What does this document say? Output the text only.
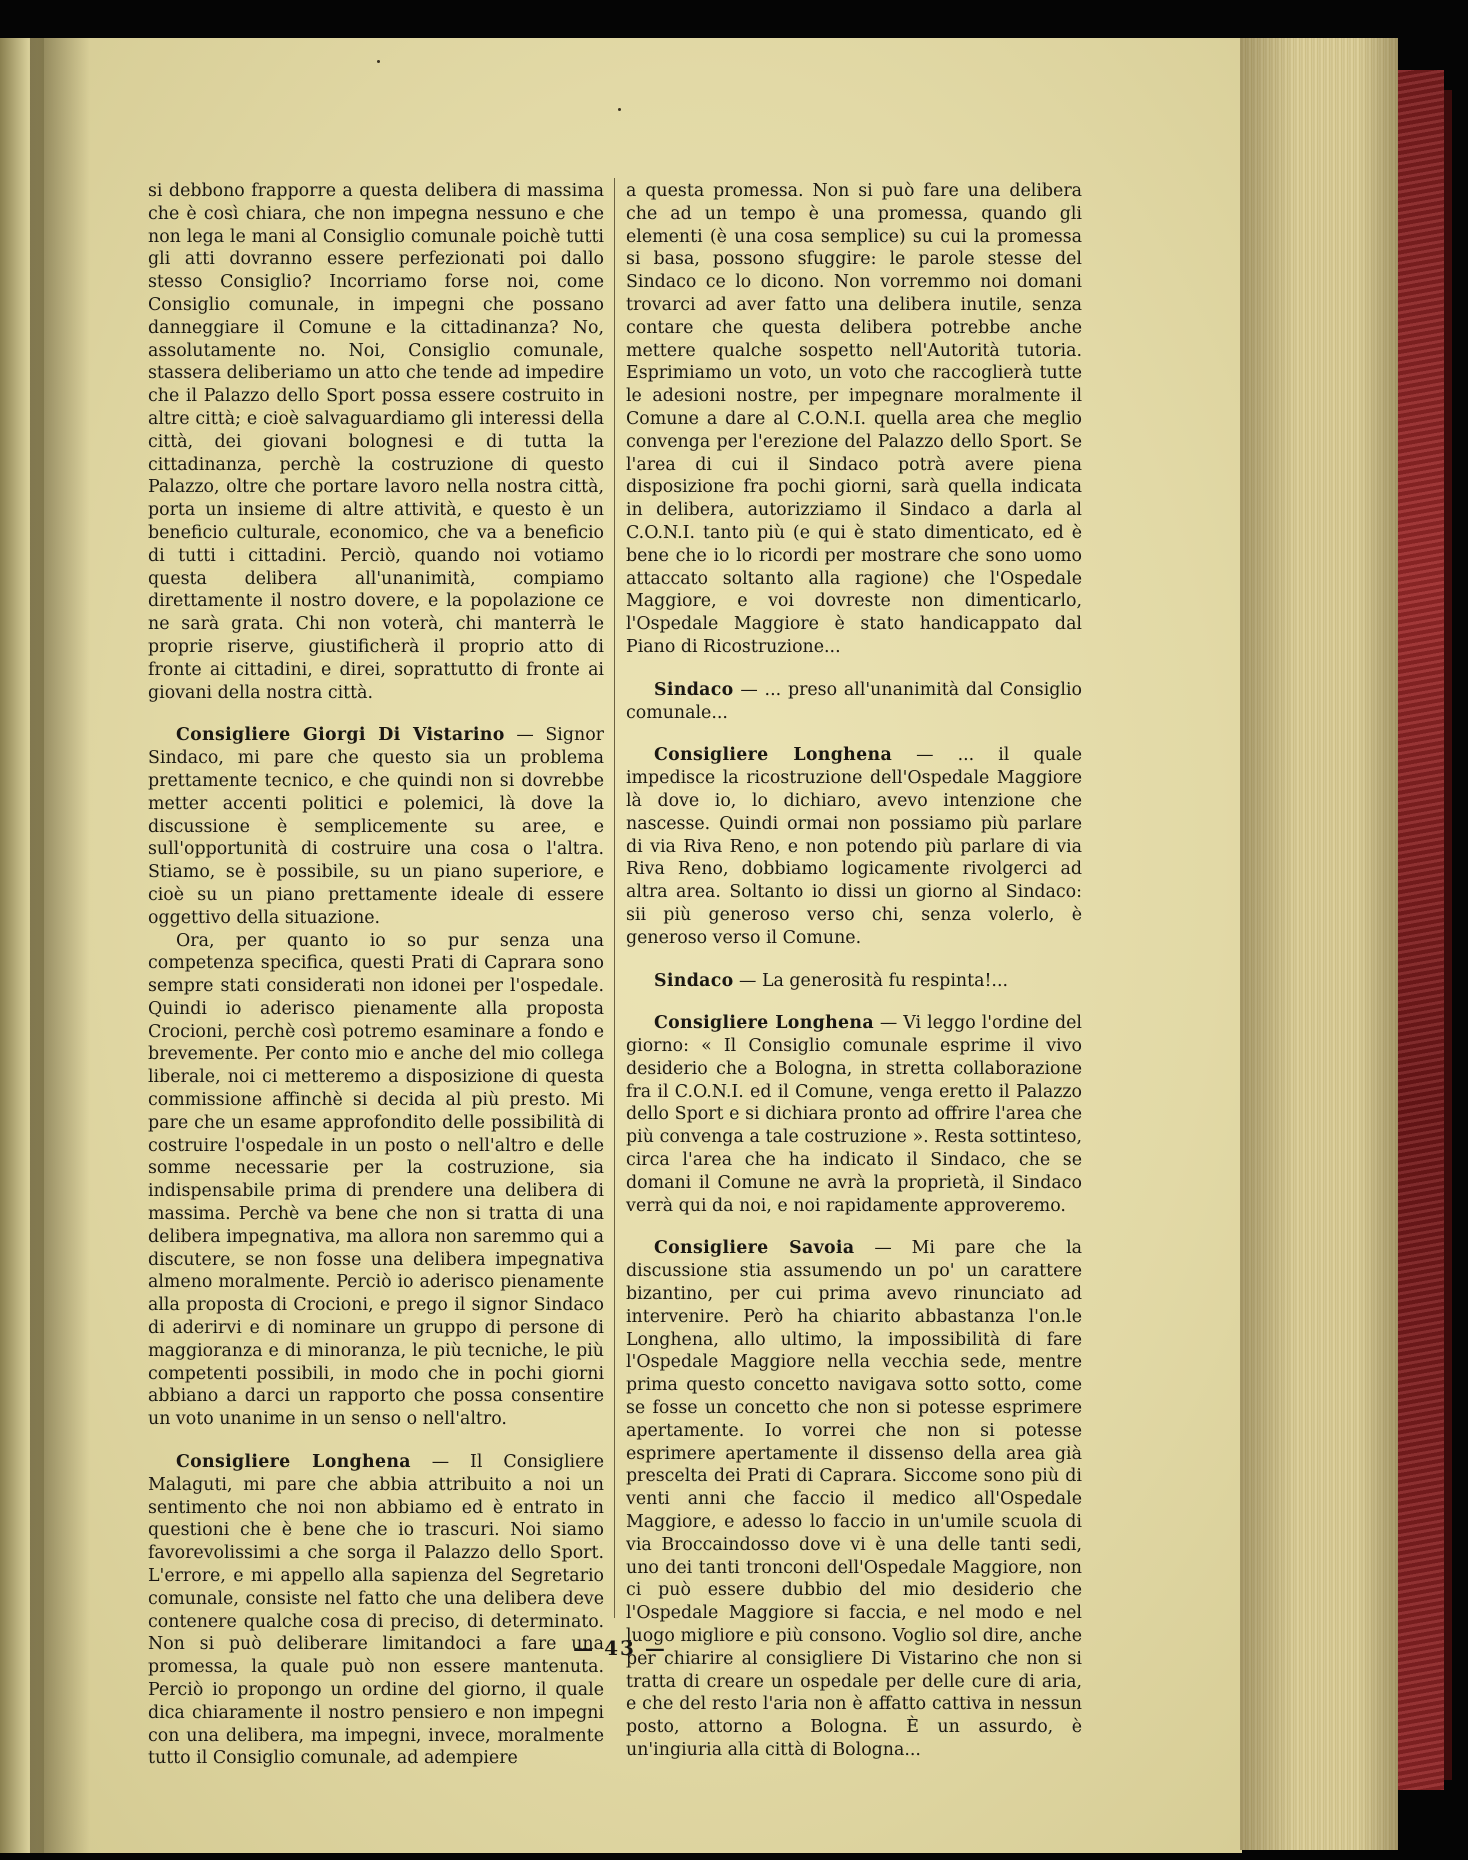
si debbono frapporre a questa delibera di massima che è così chiara, che non impegna nessuno e che non lega le mani al Consiglio comunale poichè tutti gli atti dovranno essere perfezionati poi dallo stesso Consiglio? Incorriamo forse noi, come Consiglio comunale, in impegni che possano danneggiare il Comune e la cittadinanza? No, assolutamente no. Noi, Consiglio comunale, stassera deliberiamo un atto che tende ad impedire che il Palazzo dello Sport possa essere costruito in altre città; e cioè salvaguardiamo gli interessi della città, dei giovani bolognesi e di tutta la cittadinanza, perchè la costruzione di questo Palazzo, oltre che portare lavoro nella nostra città, porta un insieme di altre attività, e questo è un beneficio culturale, economico, che va a beneficio di tutti i cittadini. Perciò, quando noi votiamo questa delibera all'unanimità, compiamo direttamente il nostro dovere, e la popolazione ce ne sarà grata. Chi non voterà, chi manterrà le proprie riserve, giustificherà il proprio atto di fronte ai cittadini, e direi, soprattutto di fronte ai giovani della nostra città.

Consigliere Giorgi Di Vistarino — Signor Sindaco, mi pare che questo sia un problema prettamente tecnico, e che quindi non si dovrebbe metter accenti politici e polemici, là dove la discussione è semplicemente su aree, e sull'opportunità di costruire una cosa o l'altra. Stiamo, se è possibile, su un piano superiore, e cioè su un piano prettamente ideale di essere oggettivo della situazione.

Ora, per quanto io so pur senza una competenza specifica, questi Prati di Caprara sono sempre stati considerati non idonei per l'ospedale. Quindi io aderisco pienamente alla proposta Crocioni, perchè così potremo esaminare a fondo e brevemente. Per conto mio e anche del mio collega liberale, noi ci metteremo a disposizione di questa commissione affinchè si decida al più presto. Mi pare che un esame approfondito delle possibilità di costruire l'ospedale in un posto o nell'altro e delle somme necessarie per la costruzione, sia indispensabile prima di prendere una delibera di massima. Perchè va bene che non si tratta di una delibera impegnativa, ma allora non saremmo qui a discutere, se non fosse una delibera impegnativa almeno moralmente. Perciò io aderisco pienamente alla proposta di Crocioni, e prego il signor Sindaco di aderirvi e di nominare un gruppo di persone di maggioranza e di minoranza, le più tecniche, le più competenti possibili, in modo che in pochi giorni abbiano a darci un rapporto che possa consentire un voto unanime in un senso o nell'altro.

Consigliere Longhena — Il Consigliere Malaguti, mi pare che abbia attribuito a noi un sentimento che noi non abbiamo ed è entrato in questioni che è bene che io trascuri. Noi siamo favorevolissimi a che sorga il Palazzo dello Sport. L'errore, e mi appello alla sapienza del Segretario comunale, consiste nel fatto che una delibera deve contenere qualche cosa di preciso, di determinato. Non si può deliberare limitandoci a fare una promessa, la quale può non essere mantenuta. Perciò io propongo un ordine del giorno, il quale dica chiaramente il nostro pensiero e non impegni con una delibera, ma impegni, invece, moralmente tutto il Consiglio comunale, ad adempiere

a questa promessa. Non si può fare una delibera che ad un tempo è una promessa, quando gli elementi (è una cosa semplice) su cui la promessa si basa, possono sfuggire: le parole stesse del Sindaco ce lo dicono. Non vorremmo noi domani trovarci ad aver fatto una delibera inutile, senza contare che questa delibera potrebbe anche mettere qualche sospetto nell'Autorità tutoria. Esprimiamo un voto, un voto che raccoglierà tutte le adesioni nostre, per impegnare moralmente il Comune a dare al C.O.N.I. quella area che meglio convenga per l'erezione del Palazzo dello Sport. Se l'area di cui il Sindaco potrà avere piena disposizione fra pochi giorni, sarà quella indicata in delibera, autorizziamo il Sindaco a darla al C.O.N.I. tanto più (e qui è stato dimenticato, ed è bene che io lo ricordi per mostrare che sono uomo attaccato soltanto alla ragione) che l'Ospedale Maggiore, e voi dovreste non dimenticarlo, l'Ospedale Maggiore è stato handicappato dal Piano di Ricostruzione...

Sindaco — ... preso all'unanimità dal Consiglio comunale...

Consigliere Longhena — ... il quale impedisce la ricostruzione dell'Ospedale Maggiore là dove io, lo dichiaro, avevo intenzione che nascesse. Quindi ormai non possiamo più parlare di via Riva Reno, e non potendo più parlare di via Riva Reno, dobbiamo logicamente rivolgerci ad altra area. Soltanto io dissi un giorno al Sindaco: sii più generoso verso chi, senza volerlo, è generoso verso il Comune.

Sindaco — La generosità fu respinta!...

Consigliere Longhena — Vi leggo l'ordine del giorno: « Il Consiglio comunale esprime il vivo desiderio che a Bologna, in stretta collaborazione fra il C.O.N.I. ed il Comune, venga eretto il Palazzo dello Sport e si dichiara pronto ad offrire l'area che più convenga a tale costruzione ». Resta sottinteso, circa l'area che ha indicato il Sindaco, che se domani il Comune ne avrà la proprietà, il Sindaco verrà qui da noi, e noi rapidamente approveremo.

Consigliere Savoia — Mi pare che la discussione stia assumendo un po' un carattere bizantino, per cui prima avevo rinunciato ad intervenire. Però ha chiarito abbastanza l'on.le Longhena, allo ultimo, la impossibilità di fare l'Ospedale Maggiore nella vecchia sede, mentre prima questo concetto navigava sotto sotto, come se fosse un concetto che non si potesse esprimere apertamente. Io vorrei che non si potesse esprimere apertamente il dissenso della area già prescelta dei Prati di Caprara. Siccome sono più di venti anni che faccio il medico all'Ospedale Maggiore, e adesso lo faccio in un'umile scuola di via Broccaindosso dove vi è una delle tanti sedi, uno dei tanti tronconi dell'Ospedale Maggiore, non ci può essere dubbio del mio desiderio che l'Ospedale Maggiore si faccia, e nel modo e nel luogo migliore e più consono. Voglio sol dire, anche per chiarire al consigliere Di Vistarino che non si tratta di creare un ospedale per delle cure di aria, e che del resto l'aria non è affatto cattiva in nessun posto, attorno a Bologna. È un assurdo, è un'ingiuria alla città di Bologna...

— 43 —
